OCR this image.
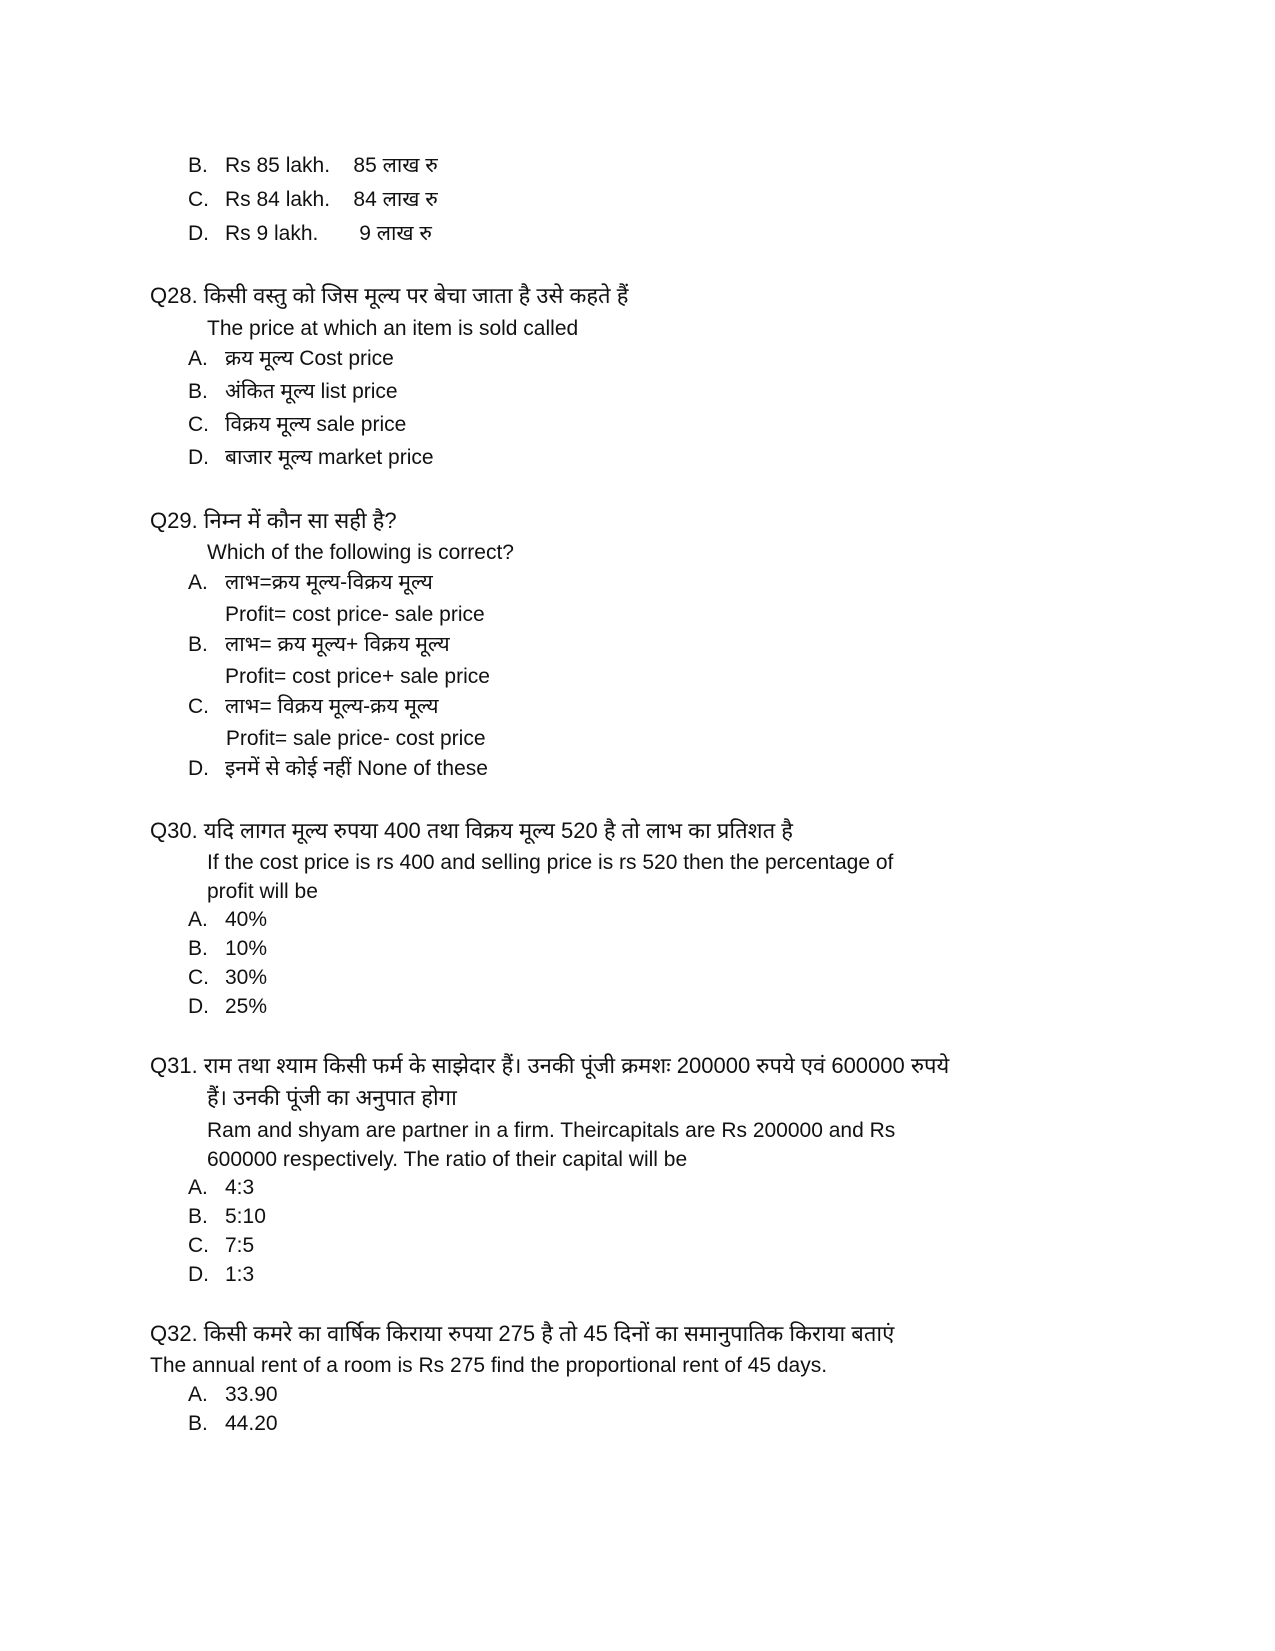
B. Rs 85 lakh.    85 लाख रु
C. Rs 84 lakh.    84 लाख रु
D. Rs 9 lakh.       9 लाख रु
Q28. किसी वस्तु को जिस मूल्य पर बेचा जाता है उसे कहते हैं
The price at which an item is sold called
A. क्रय मूल्य Cost price
B. अंकित मूल्य list price
C. विक्रय मूल्य sale price
D. बाजार मूल्य market price
Q29. निम्न में कौन सा सही है?
Which of the following is correct?
A. लाभ=क्रय मूल्य-विक्रय मूल्य
Profit= cost price- sale price
B. लाभ= क्रय मूल्य+ विक्रय मूल्य
Profit= cost price+ sale price
C. लाभ= विक्रय मूल्य-क्रय मूल्य
Profit= sale price- cost price
D. इनमें से कोई नहीं None of these
Q30. यदि लागत मूल्य रुपया 400 तथा विक्रय मूल्य 520 है तो लाभ का प्रतिशत है
If the cost price is rs 400 and selling price is rs 520 then the percentage of
profit will be
A. 40%
B. 10%
C. 30%
D. 25%
Q31. राम तथा श्याम किसी फर्म के साझेदार हैं। उनकी पूंजी क्रमशः 200000 रुपये एवं 600000 रुपये
हैं। उनकी पूंजी का अनुपात होगा
Ram and shyam are partner in a firm. Theircapitals are Rs 200000 and Rs
600000 respectively. The ratio of their capital will be
A. 4:3
B. 5:10
C. 7:5
D. 1:3
Q32. किसी कमरे का वार्षिक किराया रुपया 275 है तो 45 दिनों का समानुपातिक किराया बताएं
The annual rent of a room is Rs 275 find the proportional rent of 45 days.
A. 33.90
B. 44.20
